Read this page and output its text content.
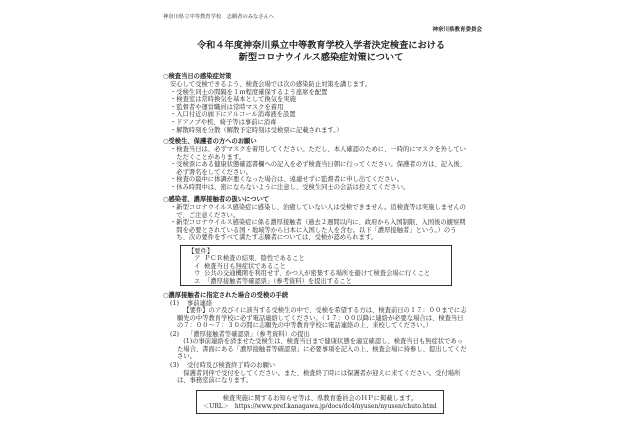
神奈川県立中等教育学校　志願者のみなさんへ
神奈川県教育委員会
令和４年度神奈川県立中等教育学校入学者決定検査における
新型コロナウイルス感染症対策について
○検査当日の感染症対策
安心して受検できるよう、検査会場では次の感染防止対策を講じます。
・受検生同士の間隔を１ｍ程度確保するよう座席を配置
・検査室は常時換気を基本として換気を実施
・監督者や運営職員は常時マスクを着用
・入口付近の廊下にアルコール消毒液を設置
・ドアノブや机、椅子等は事前に消毒
・解散時刻を分散（解散予定時刻は受検票に記載されます。）
○受検生、保護者の方へのお願い
・検査当日は、必ずマスクを着用してください。ただし、本人確認のために、一時的にマスクを外していただくことがあります。
・受検票にある健康状態確認書欄への記入を必ず検査当日朝に行ってください。保護者の方は、記入後、必ず署名をしてください。
・検査の最中に体調が悪くなった場合は、遠慮せずに監督者に申し出てください。
・休み時間中は、密にならないように注意し、受検生同士の会話は控えてください。
○感染者、濃厚接触者の扱いについて
・新型コロナウイルス感染症に感染し、治癒していない人は受検できません。追検査等は実施しませんので、ご注意ください。
・新型コロナウイルス感染症に係る濃厚接触者（過去２週間以内に、政府から入国制限、入国後の観察期間を必要とされている国・地域等から日本に入国した人を含む。以下「濃厚接触者」という。）のうち、次の要件をすべて満たす志願者については、受検が認められます。
【要件】
ア ＰＣＲ検査の結果、陰性であること
イ 検査当日も無症状であること
ウ 公共の交通機関を利用せず、かつ人が密集する場所を避けて検査会場に行くこと
エ 「濃厚接触者等確認票」（参考資料）を提出すること
○濃厚接触者に指定された場合の受検の手続
(1) 事前連絡
【要件】のア及びイに該当する受検生の中で、受検を希望する方は、検査前日の１７：００までに志願先の中等教育学校に必ず電話連絡してください。（１７：００以降に連絡が必要な場合は、検査当日の７：００～７：３０の間に志願先の中等教育学校に電話連絡の上、来校してください。）
(2) 「濃厚接触者等確認票」（参考資料）の提出
(1)の事前連絡を済ませた受検生は、検査当日まで健康状態を適宜確認し、検査当日も無症状であった場合、書面にある「濃厚接触者等確認票」に必要事項を記入の上、検査会場に持参し、提出してください。
(3) 受付時及び検査終了時のお願い
保護者同伴で受付をしてください。また、検査終了時には保護者が迎えに来てください。受付場所は、事務室前になります。
検査実施に関するお知らせ等は、県教育委員会のＨＰに掲載します。
＜URL＞　 https://www.pref.kanagawa.jp/docs/dc4/nyusen/nyusen/chuto.html
